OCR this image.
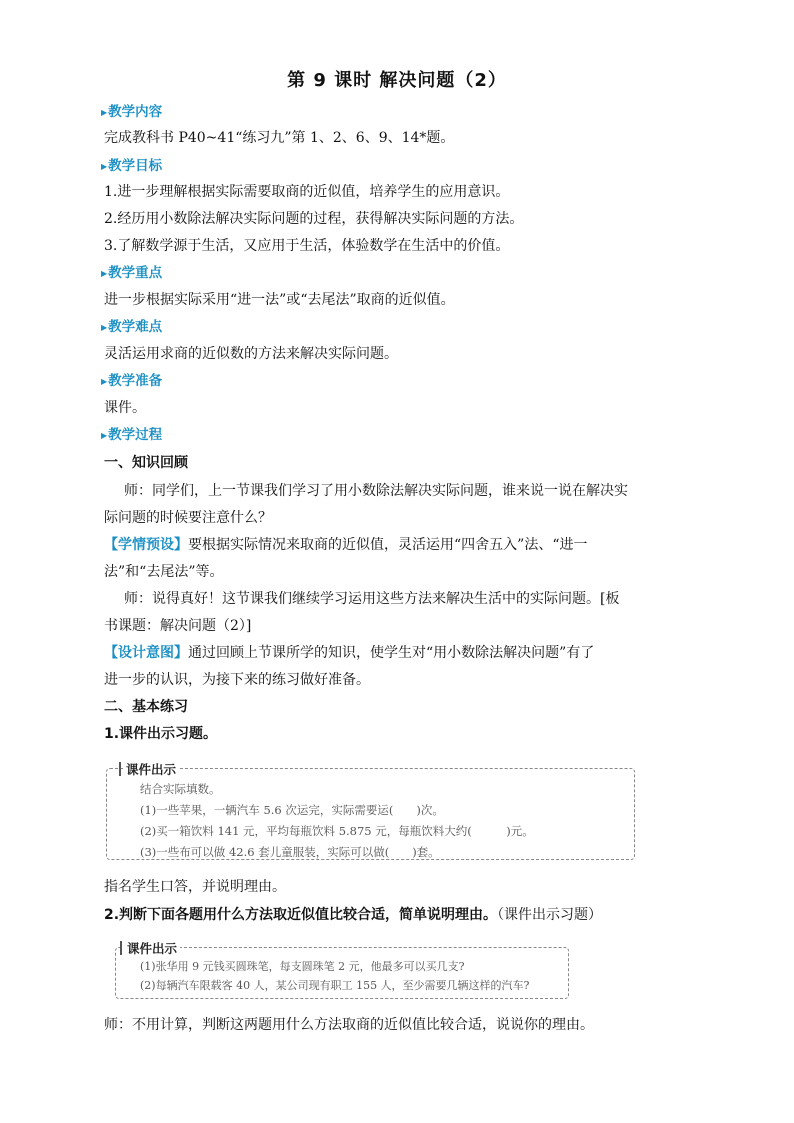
第 9 课时 解决问题（2）
▶教学内容
完成教科书 P40~41“练习九”第 1、2、6、9、14*题。
▶教学目标
1.进一步理解根据实际需要取商的近似值，培养学生的应用意识。
2.经历用小数除法解决实际问题的过程，获得解决实际问题的方法。
3.了解数学源于生活，又应用于生活，体验数学在生活中的价值。
▶教学重点
进一步根据实际采用“进一法”或“去尾法”取商的近似值。
▶教学难点
灵活运用求商的近似数的方法来解决实际问题。
▶教学准备
课件。
▶教学过程
一、知识回顾
师：同学们，上一节课我们学习了用小数除法解决实际问题，谁来说一说在解决实
际问题的时候要注意什么？
【学情预设】要根据实际情况来取商的近似值，灵活运用“四舍五入”法、“进一
法”和“去尾法”等。
师：说得真好！这节课我们继续学习运用这些方法来解决生活中的实际问题。[板
书课题：解决问题（2）]
【设计意图】通过回顾上节课所学的知识，使学生对“用小数除法解决问题”有了
进一步的认识，为接下来的练习做好准备。
二、基本练习
1.课件出示习题。
课件出示
结合实际填数。
(1)一些苹果，一辆汽车 5.6 次运完，实际需要运(　　)次。
(2)买一箱饮料 141 元，平均每瓶饮料 5.875 元，每瓶饮料大约(　　　)元。
(3)一些布可以做 42.6 套儿童服装，实际可以做(　　)套。
指名学生口答，并说明理由。
2.判断下面各题用什么方法取近似值比较合适，简单说明理由。（课件出示习题）
课件出示
(1)张华用 9 元钱买圆珠笔，每支圆珠笔 2 元，他最多可以买几支?
(2)每辆汽车限载客 40 人，某公司现有职工 155 人，至少需要几辆这样的汽车?
师：不用计算，判断这两题用什么方法取商的近似值比较合适，说说你的理由。
